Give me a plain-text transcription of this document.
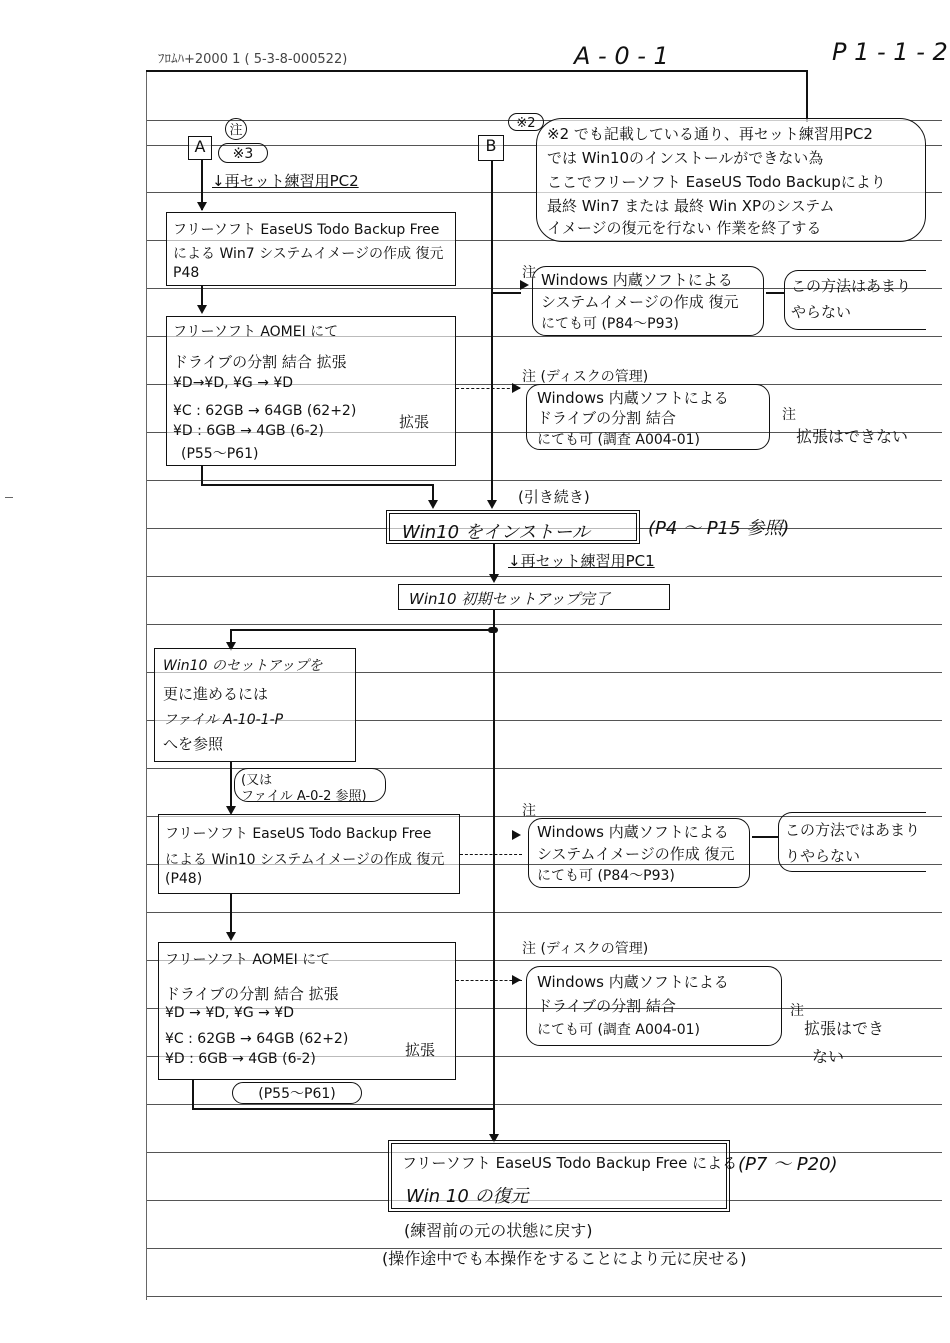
ﾌﾛﾑﾊ+2000 1 ( 5-3-8-000522)	A - 0 - 1	P 1 - 1 - 2
A
注
※3	B
※2
※2 でも記載している通り、再セット練習用PC2
では Win10のインストールができない為
ここでフリーソフト EaseUS Todo Backupにより
最終 Win7 または 最終 Win XPのシステム
イメージの復元を行ない 作業を終了する
↓再セット練習用PC2
フリーソフト EaseUS Todo Backup Free
による Win7 システムイメージの作成 復元
P48
フリーソフト AOMEI にて
ドライブの分割 結合 拡張
¥D→¥D, ¥G → ¥D
¥C : 62GB → 64GB (62+2)
¥D : 6GB → 4GB (6-2)	拡張
(P55〜P61)
注 Windows 内蔵ソフトによる
システムイメージの作成 復元
にても可 (P84〜P93)
この方法はあまり
やらない
注 (ディスクの管理)
Windows 内蔵ソフトによる
ドライブの分割 結合
にても可 (調査 A004-01)
注
拡張はできない
(引き続き)
Win10 をインストール	(P4 〜 P15 参照)
↓再セット練習用PC1
Win10 初期セットアップ完了
Win10 のセットアップを
更に進めるには
ファイル A-10-1-P
へを参照
(又は
ファイル A-0-2 参照)
フリーソフト EaseUS Todo Backup Free
による Win10 システムイメージの作成 復元
(P48)
フリーソフト AOMEI にて
ドライブの分割 結合 拡張
¥D → ¥D, ¥G → ¥D
¥C : 62GB → 64GB (62+2)
¥D : 6GB → 4GB (6-2)	拡張
(P55〜P61)
注
Windows 内蔵ソフトによる
システムイメージの作成 復元
にても可 (P84〜P93)
この方法ではあまり
りやらない
注 (ディスクの管理)
Windows 内蔵ソフトによる
ドライブの分割 結合
にても可 (調査 A004-01)
注
拡張はでき
ない
フリーソフト EaseUS Todo Backup Free による
Win 10 の復元
(P7 〜 P20)
(練習前の元の状態に戻す)
(操作途中でも本操作をすることにより元に戻せる)
